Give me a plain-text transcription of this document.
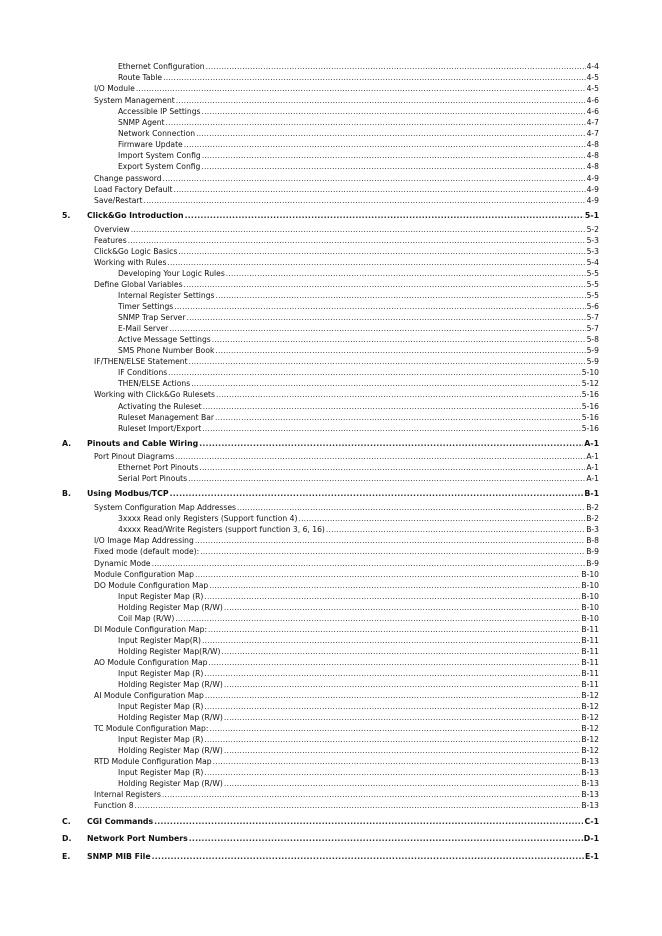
Ethernet Configuration .....	4-4
Route Table .....	4-5
I/O Module .....	4-5
System Management .....	4-6
Accessible IP Settings .....	4-6
SNMP Agent .....	4-7
Network Connection .....	4-7
Firmware Update .....	4-8
Import System Config .....	4-8
Export System Config .....	4-8
Change password .....	4-9
Load Factory Default .....	4-9
Save/Restart .....	4-9
5.	Click&Go Introduction .....	5-1
Overview .....	5-2
Features .....	5-3
Click&Go Logic Basics .....	5-3
Working with Rules .....	5-4
Developing Your Logic Rules .....	5-5
Define Global Variables .....	5-5
Internal Register Settings .....	5-5
Timer Settings .....	5-6
SNMP Trap Server .....	5-7
E-Mail Server .....	5-7
Active Message Settings .....	5-8
SMS Phone Number Book .....	5-9
IF/THEN/ELSE Statement .....	5-9
IF Conditions .....	5-10
THEN/ELSE Actions .....	5-12
Working with Click&Go Rulesets .....	5-16
Activating the Ruleset .....	5-16
Ruleset Management Bar .....	5-16
Ruleset Import/Export .....	5-16
A.	Pinouts and Cable Wiring .....	A-1
Port Pinout Diagrams .....	A-1
Ethernet Port Pinouts .....	A-1
Serial Port Pinouts .....	A-1
B.	Using Modbus/TCP .....	B-1
System Configuration Map Addresses .....	B-2
3xxxx Read only Registers (Support function 4) .....	B-2
4xxxx Read/Write Registers (support function 3, 6, 16) .....	B-3
I/O Image Map Addressing .....	B-8
Fixed mode (default mode): .....	B-9
Dynamic Mode .....	B-9
Module Configuration Map .....	B-10
DO Module Configuration Map .....	B-10
Input Register Map (R) .....	B-10
Holding Register Map (R/W) .....	B-10
Coil Map (R/W) .....	B-10
DI Module Configuration Map: .....	B-11
Input Register Map(R) .....	B-11
Holding Register Map(R/W) .....	B-11
AO Module Configuration Map .....	B-11
Input Register Map (R) .....	B-11
Holding Register Map (R/W) .....	B-11
AI Module Configuration Map .....	B-12
Input Register Map (R) .....	B-12
Holding Register Map (R/W) .....	B-12
TC Module Configuration Map: .....	B-12
Input Register Map (R) .....	B-12
Holding Register Map (R/W) .....	B-12
RTD Module Configuration Map .....	B-13
Input Register Map (R) .....	B-13
Holding Register Map (R/W) .....	B-13
Internal Registers .....	B-13
Function 8 .....	B-13
C.	CGI Commands .....	C-1
D.	Network Port Numbers .....	D-1
E.	SNMP MIB File .....	E-1
